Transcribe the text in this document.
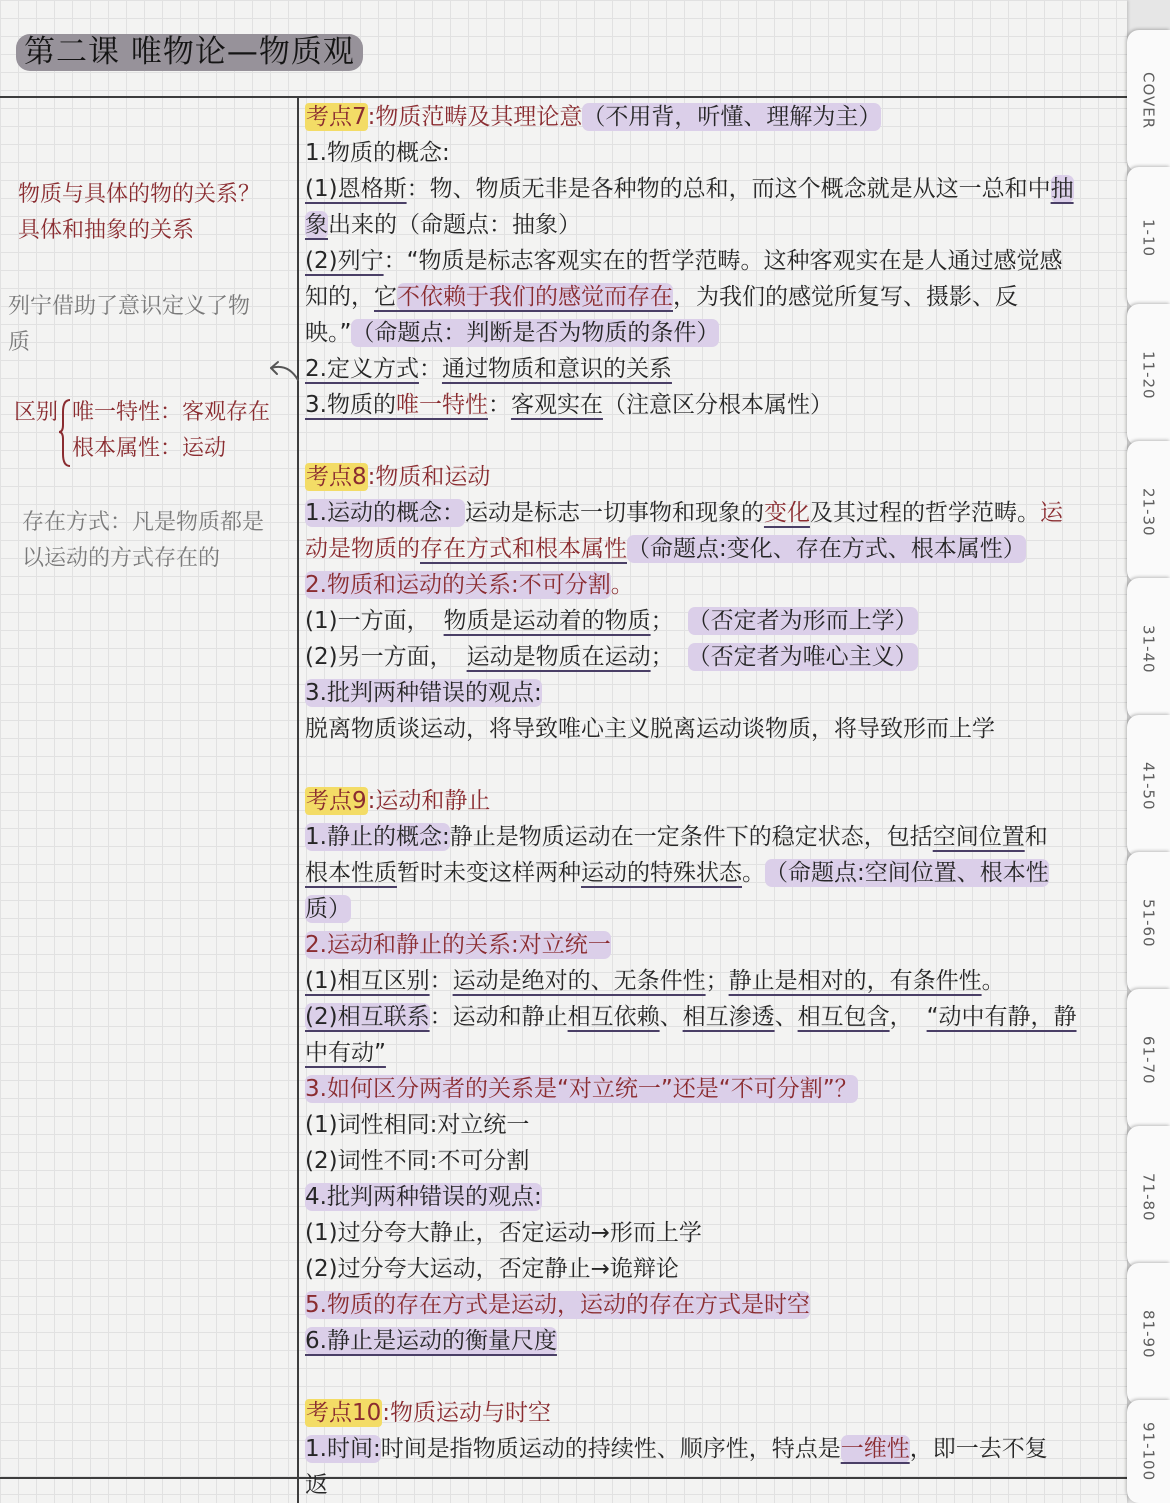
第二课 唯物论—物质观
物质与具体的物的关系？
具体和抽象的关系
列宁借助了意识定义了物
质
区别 唯一特性：客观存在
根本属性：运动
存在方式：凡是物质都是
以运动的方式存在的
考点7 :物质范畴及其理论意 （不用背，听懂、理解为主）
1.物质的概念:
(1)恩格斯 ：物、物质无非是各种物的总和，而这个概念就是从这一总和中 抽
象 出来的（命题点：抽象）
(2)列宁 ：“物质是标志客观实在的哲学范畴。这种客观实在是人通过感觉感
知的， 它 不依赖于我们的感觉而存在 ，为我们的感觉所复写、摄影、反
映。” （命题点：判断是否为物质的条件）
2.定义方式 ： 通过物质和意识的关系
3.物质的 唯一特性 ： 客观实在 （注意区分根本属性）
考点8 :物质和运动
1.运动的概念： 运动是标志一切事物和现象的 变化 及其过程的哲学范畴。 运
动是物质的 存在方式和根本属性 （命题点:变化、存在方式、根本属性）
2.物质和运动的关系:不可分割 。
(1)一方面， 物质是运动着的物质 ； （否定者为形而上学）
(2)另一方面， 运动是物质在运动 ； （否定者为唯心主义）
3.批判两种错误的观点:
脱离物质谈运动，将导致唯心主义脱离运动谈物质，将导致形而上学
考点9 :运动和静止
1.静止的概念: 静止是物质运动在一定条件下的稳定状态，包括 空间位置 和
根本性质 暂时未变这样两种 运动的特殊状态 。 （命题点:空间位置、根本性
质）
2.运动和静止的关系:对立统一
(1)相互区别 ： 运动是绝对的、无条件性 ； 静止是相对的，有条件性 。
(2)相互联系 ：运动和静止 相互依赖 、 相互渗透 、 相互包含 ， “动中有静，静
中有动”
3.如何区分两者的关系是“对立统一”还是“不可分割”？
(1)词性相同:对立统一
(2)词性不同:不可分割
4.批判两种错误的观点:
(1)过分夸大静止，否定运动→形而上学
(2)过分夸大运动，否定静止→诡辩论
5.物质的存在方式是运动，运动的存在方式是时空
6.静止是运动的衡量尺度
考点10 :物质运动与时空
1.时间: 时间是指物质运动的持续性、顺序性，特点是 一维性 ，即一去不复
返
COVER
1-10
11-20
21-30
31-40
41-50
51-60
61-70
71-80
81-90
91-100
